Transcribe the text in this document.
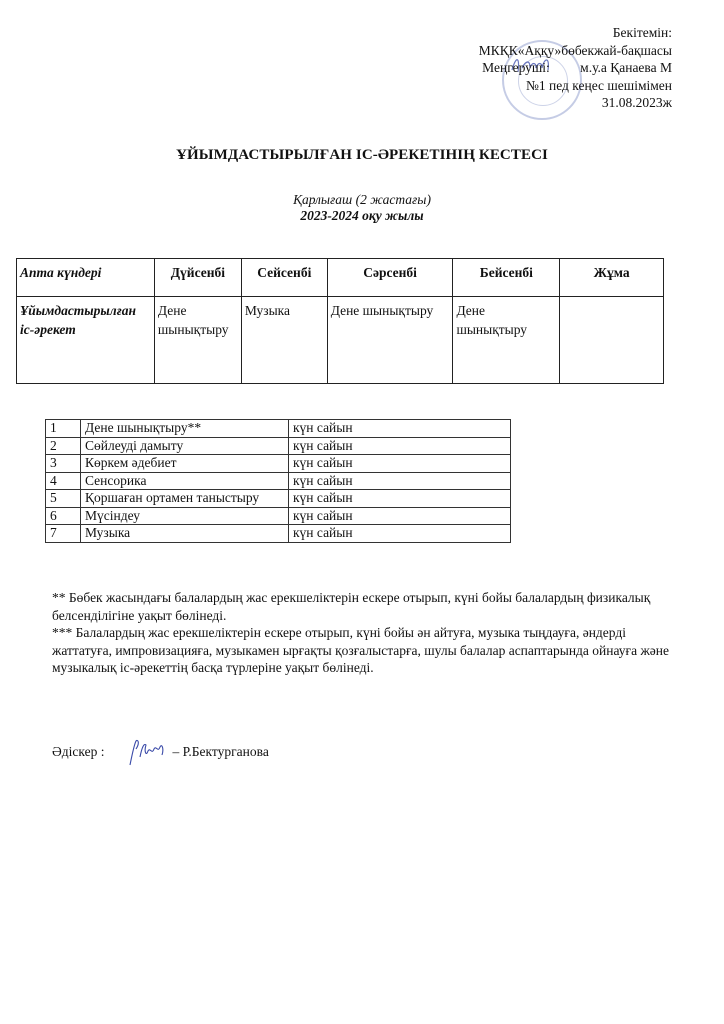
Бекітемін:
МКҚК«Аққу»бөбекжай-бақшасы
Меңгеруші:         м.у.а Қанаева М
№1 пед кеңес шешімімен
31.08.2023ж
ҰЙЫМДАСТЫРЫЛҒАН ІС-ӘРЕКЕТІНІҢ КЕСТЕСІ
Қарлығаш (2 жастағы)
2023-2024 оқу жылы
Апта күндері	Дүйсенбі	Сейсенбі	Сәрсенбі	Бейсенбі	Жұма
Ұйымдастырылған іс-әрекет	Дене шынықтыру	Музыка	Дене шынықтыру	Дене шынықтыру	
1	Дене шынықтыру**	күн сайын
2	Сөйлеуді дамыту	күн сайын
3	Көркем әдебиет	күн сайын
4	Сенсорика	күн сайын
5	Қоршаған ортамен таныстыру	күн сайын
6	Мүсіндеу	күн сайын
7	Музыка	күн сайын
** Бөбек жасындағы балалардың жас ерекшеліктерін ескере отырып, күні бойы балалардың физикалық белсенділігіне уақыт бөлінеді.
*** Балалардың жас ерекшеліктерін ескере отырып, күні бойы ән айтуға, музыка тыңдауға, әндерді жаттатуға, импровизацияға, музыкамен ырғақты қозғалыстарға, шулы балалар аспаптарында ойнауға және музыкалық іс-әрекеттің басқа түрлеріне уақыт бөлінеді.
Әдіскер :	– Р.Бектурганова
